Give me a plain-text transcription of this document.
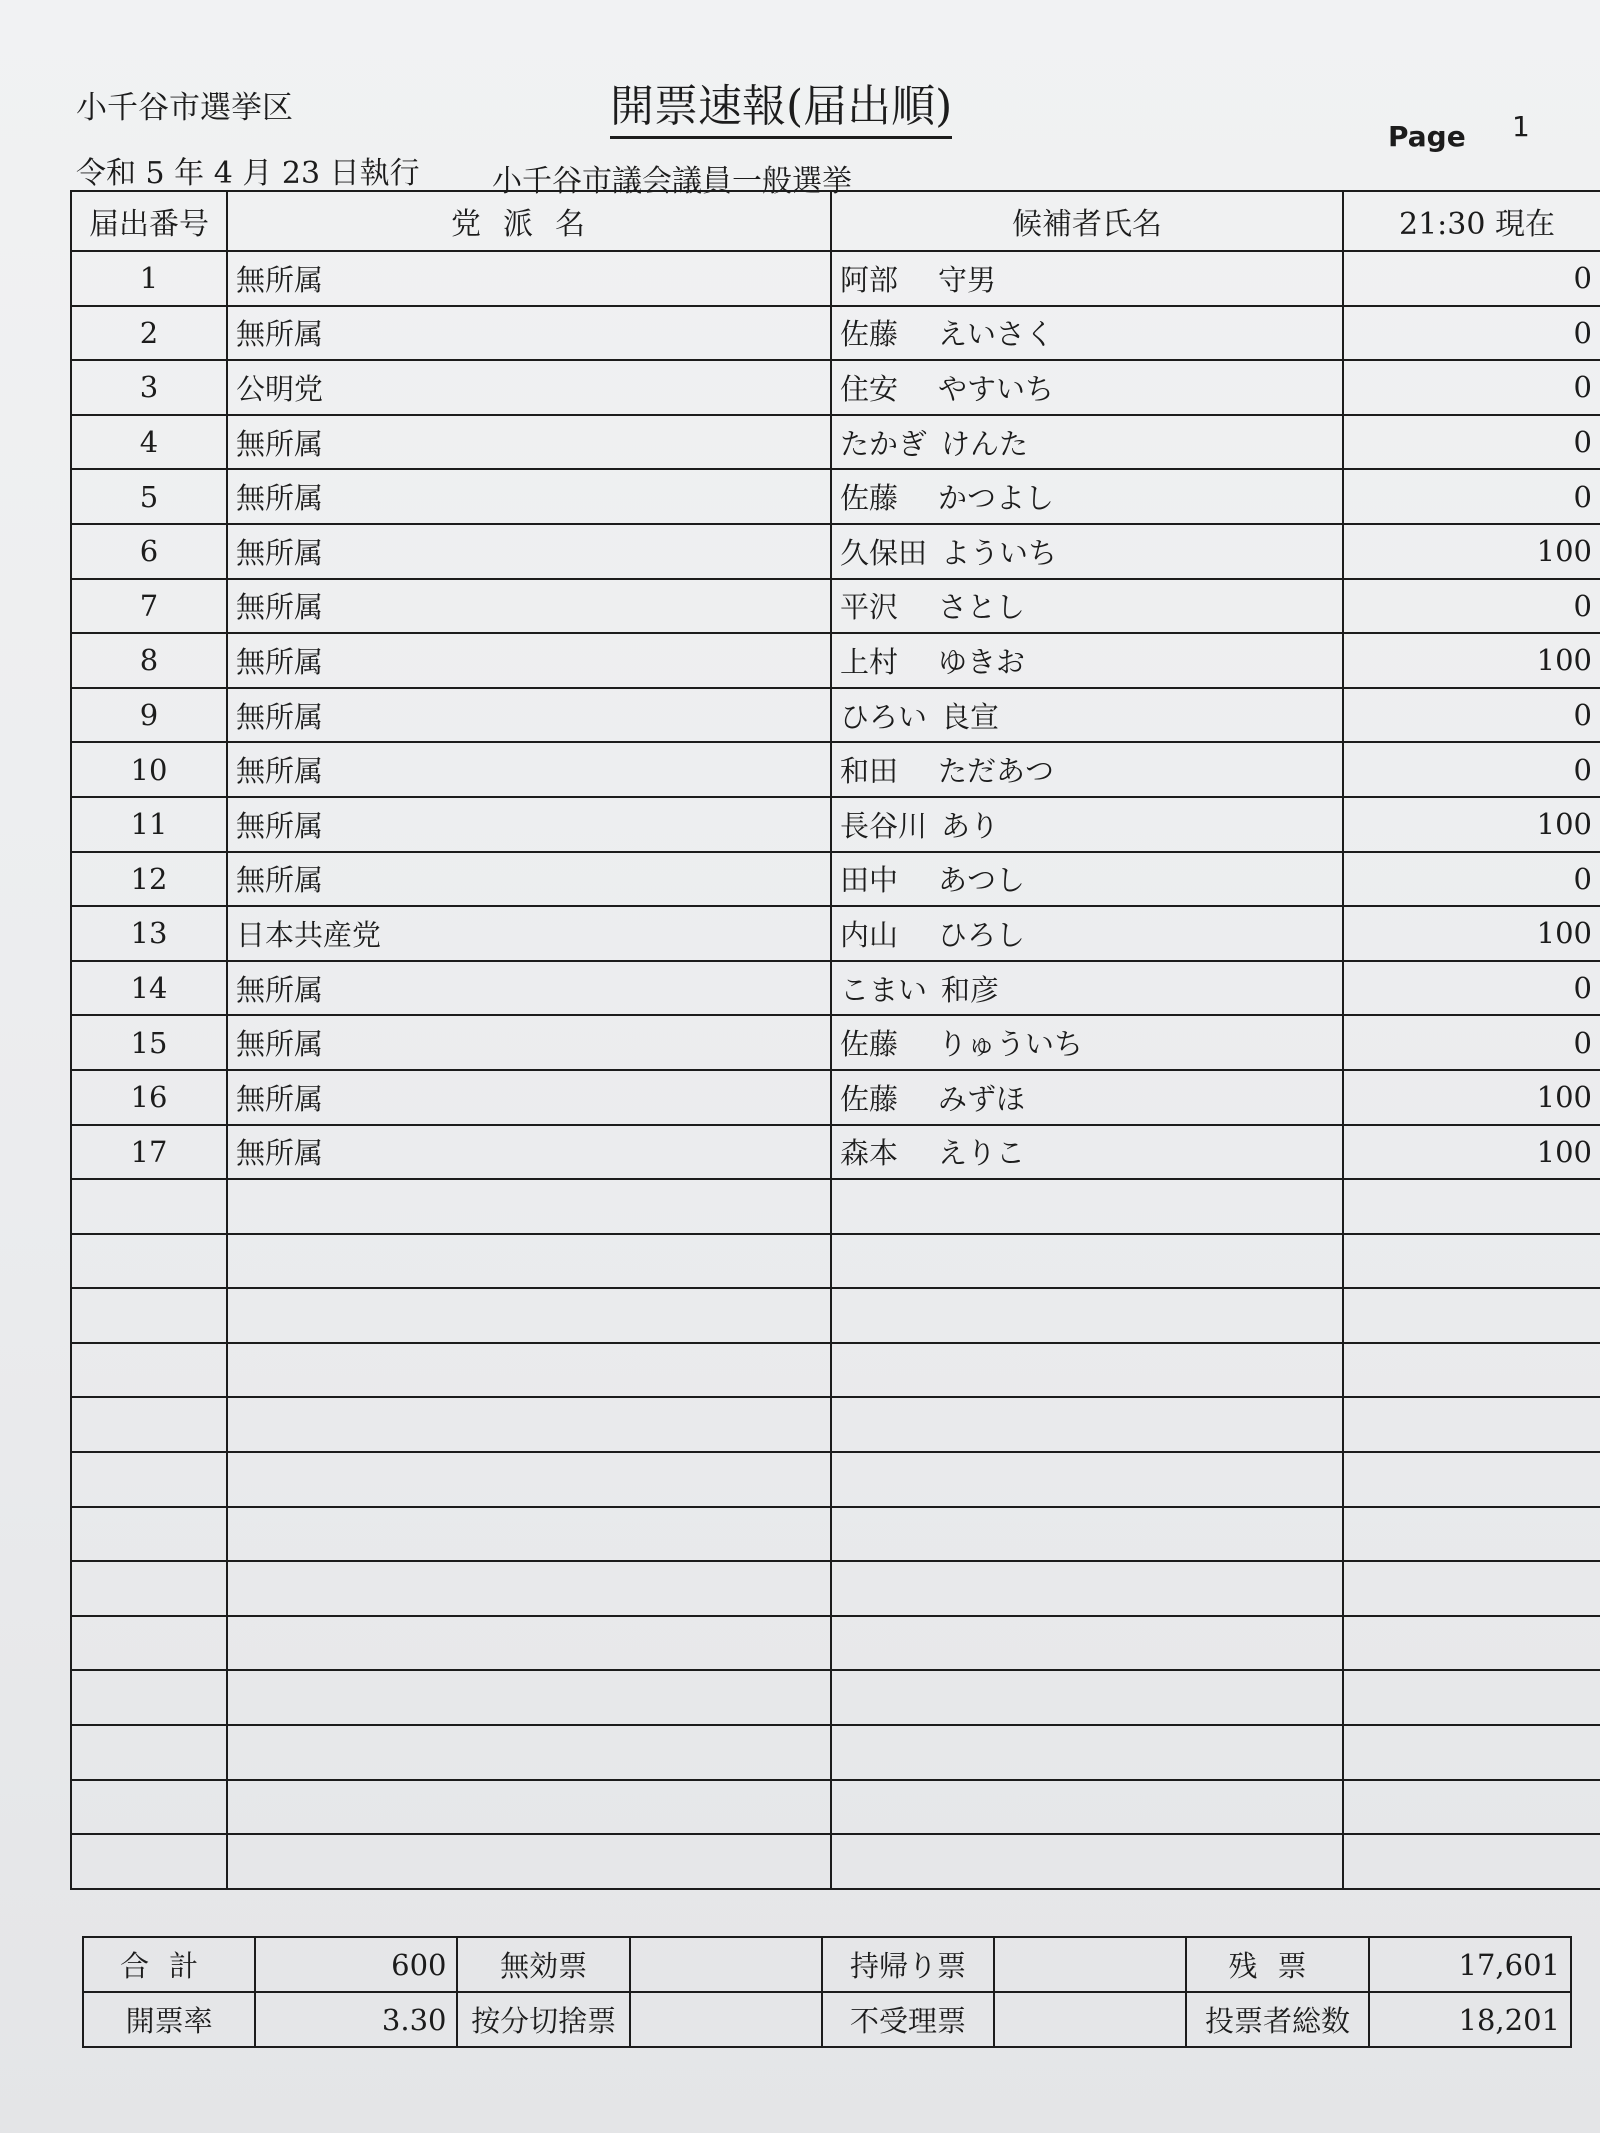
小千谷市選挙区	開票速報(届出順)
Page 1
令和 5 年 4 月 23 日執行 小千谷市議会議員一般選挙
届出番号	党派名	候補者氏名	21:30 現在
1	無所属	阿部 守男	0
2	無所属	佐藤 えいさく	0
3	公明党	住安 やすいち	0
4	無所属	たかぎ けんた	0
5	無所属	佐藤 かつよし	0
6	無所属	久保田 よういち	100
7	無所属	平沢 さとし	0
8	無所属	上村 ゆきお	100
9	無所属	ひろい 良宣	0
10	無所属	和田 ただあつ	0
11	無所属	長谷川 あり	100
12	無所属	田中 あつし	0
13	日本共産党	内山 ひろし	100
14	無所属	こまい 和彦	0
15	無所属	佐藤 りゅういち	0
16	無所属	佐藤 みずほ	100
17	無所属	森本 えりこ	100

合計	600	無効票		持帰り票		残票	17,601
開票率	3.30	按分切捨票		不受理票		投票者総数	18,201
